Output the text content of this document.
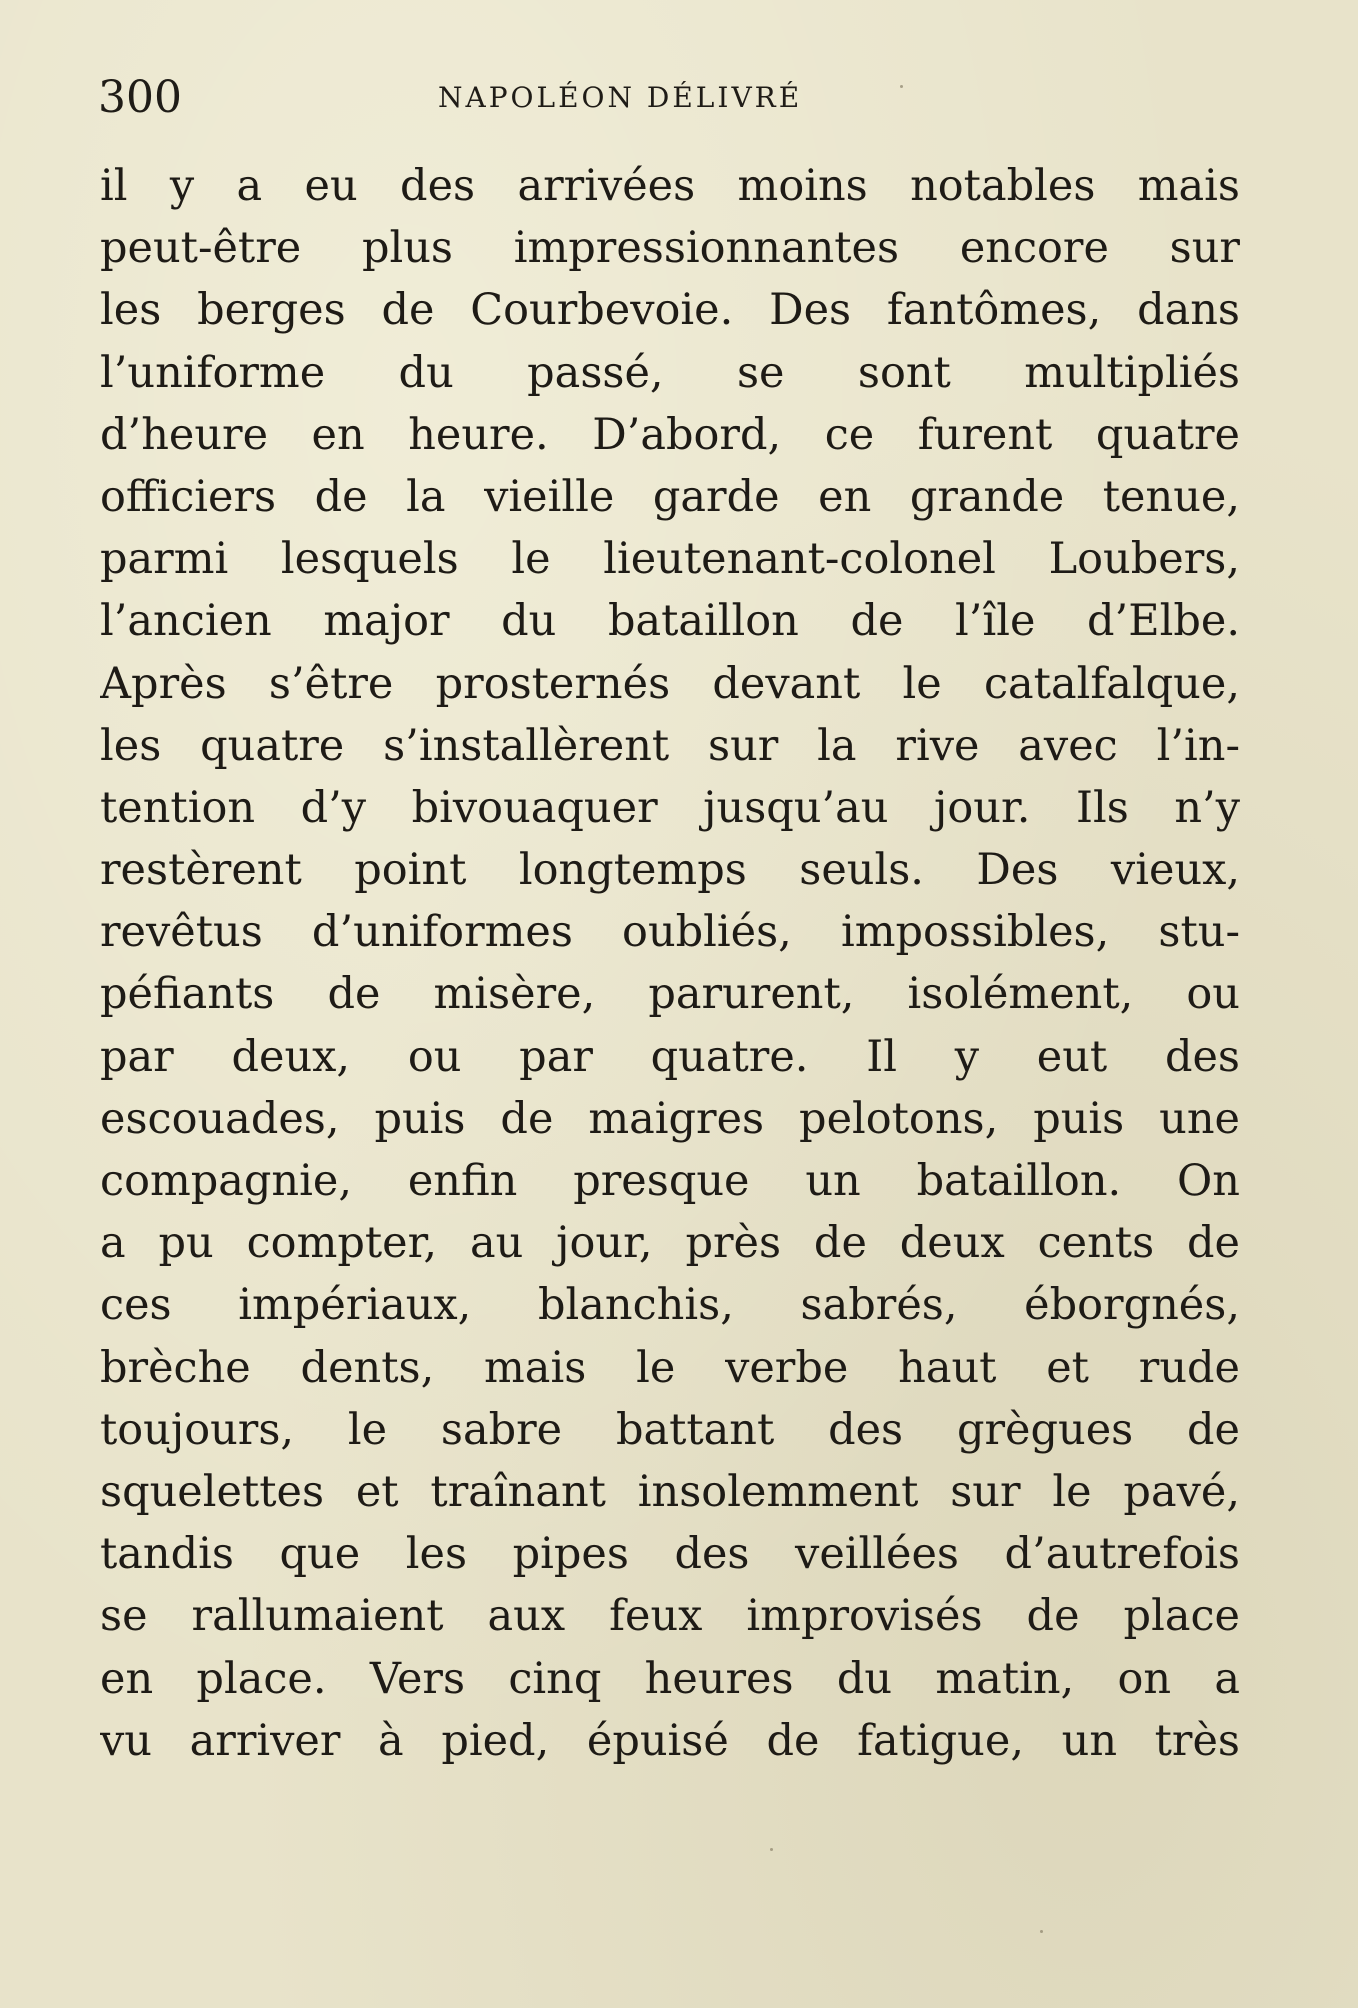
300	NAPOLÉON DÉLIVRÉ
il y a eu des arrivées moins notables mais
peut-être plus impressionnantes encore sur
les berges de Courbevoie. Des fantômes, dans
l’uniforme du passé, se sont multipliés
d’heure en heure. D’abord, ce furent quatre
officiers de la vieille garde en grande tenue,
parmi lesquels le lieutenant-colonel Loubers,
l’ancien major du bataillon de l’île d’Elbe.
Après s’être prosternés devant le catalfalque,
les quatre s’installèrent sur la rive avec l’in-
tention d’y bivouaquer jusqu’au jour. Ils n’y
restèrent point longtemps seuls. Des vieux,
revêtus d’uniformes oubliés, impossibles, stu-
péfiants de misère, parurent, isolément, ou
par deux, ou par quatre. Il y eut des
escouades, puis de maigres pelotons, puis une
compagnie, enfin presque un bataillon. On
a pu compter, au jour, près de deux cents de
ces impériaux, blanchis, sabrés, éborgnés,
brèche dents, mais le verbe haut et rude
toujours, le sabre battant des grègues de
squelettes et traînant insolemment sur le pavé,
tandis que les pipes des veillées d’autrefois
se rallumaient aux feux improvisés de place
en place. Vers cinq heures du matin, on a
vu arriver à pied, épuisé de fatigue, un très
